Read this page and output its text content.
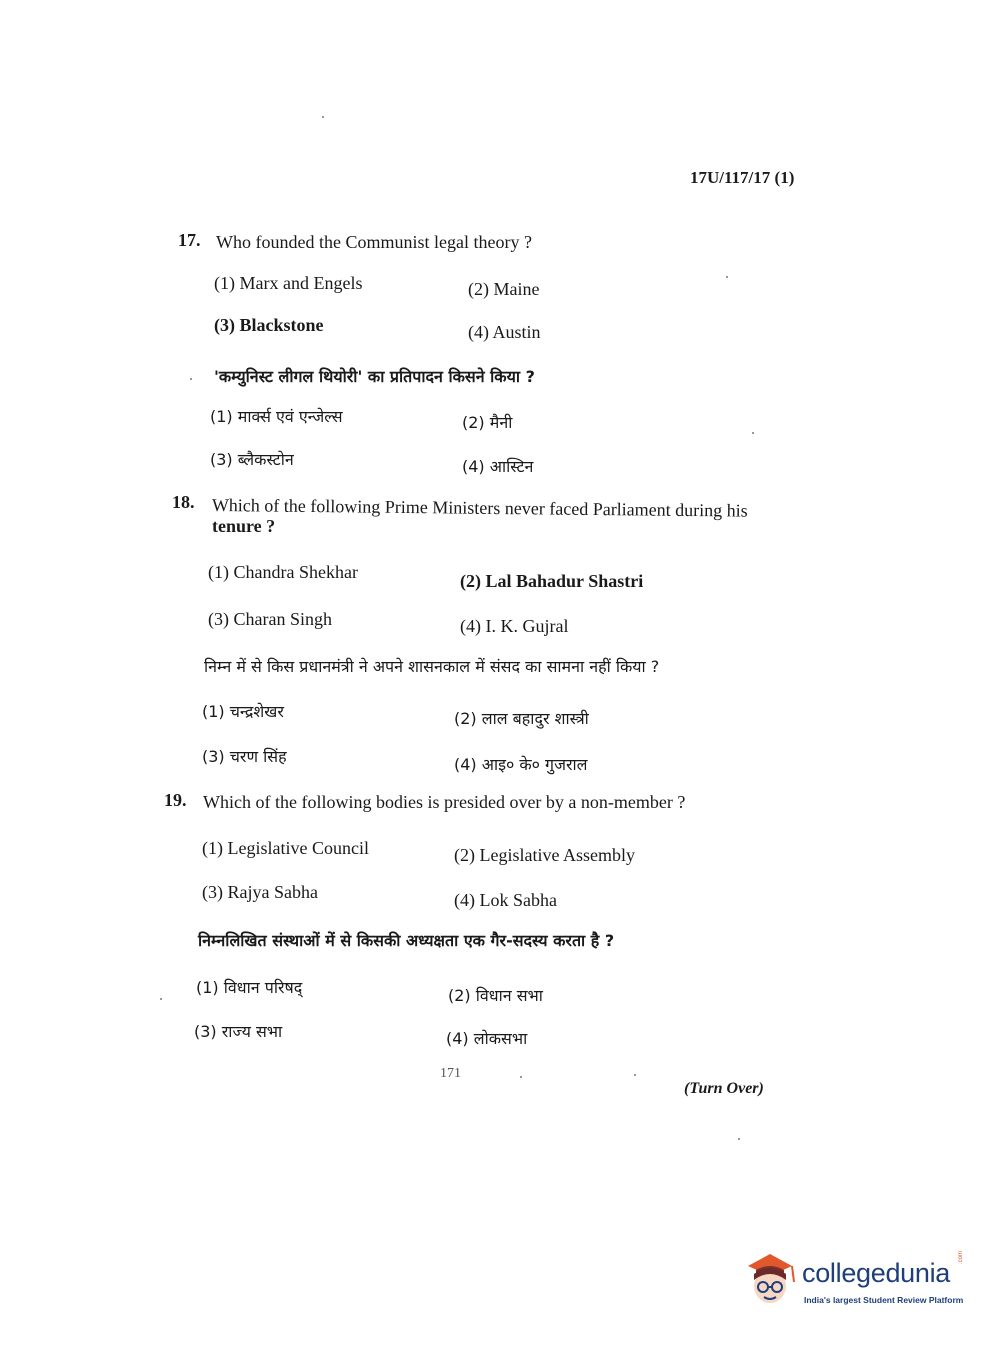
17U/117/17 (1)
17. Who founded the Communist legal theory ?
(1) Marx and Engels	(2) Maine
(3) Blackstone	(4) Austin
'कम्युनिस्ट लीगल थियोरी' का प्रतिपादन किसने किया ?
(1) मार्क्स एवं एन्जेल्स	(2) मैनी
(3) ब्लैकस्टोन	(4) आस्टिन
18. Which of the following Prime Ministers never faced Parliament during his
tenure ?
(1) Chandra Shekhar	(2) Lal Bahadur Shastri
(3) Charan Singh	(4) I. K. Gujral
निम्न में से किस प्रधानमंत्री ने अपने शासनकाल में संसद का सामना नहीं किया ?
(1) चन्द्रशेखर	(2) लाल बहादुर शास्त्री
(3) चरण सिंह	(4) आइ० के० गुजराल
19. Which of the following bodies is presided over by a non-member ?
(1) Legislative Council	(2) Legislative Assembly
(3) Rajya Sabha	(4) Lok Sabha
निम्नलिखित संस्थाओं में से किसकी अध्यक्षता एक गैर-सदस्य करता है ?
(1) विधान परिषद्	(2) विधान सभा
(3) राज्य सभा	(4) लोकसभा
171
(Turn Over)
collegedunia
.com
India's largest Student Review Platform
